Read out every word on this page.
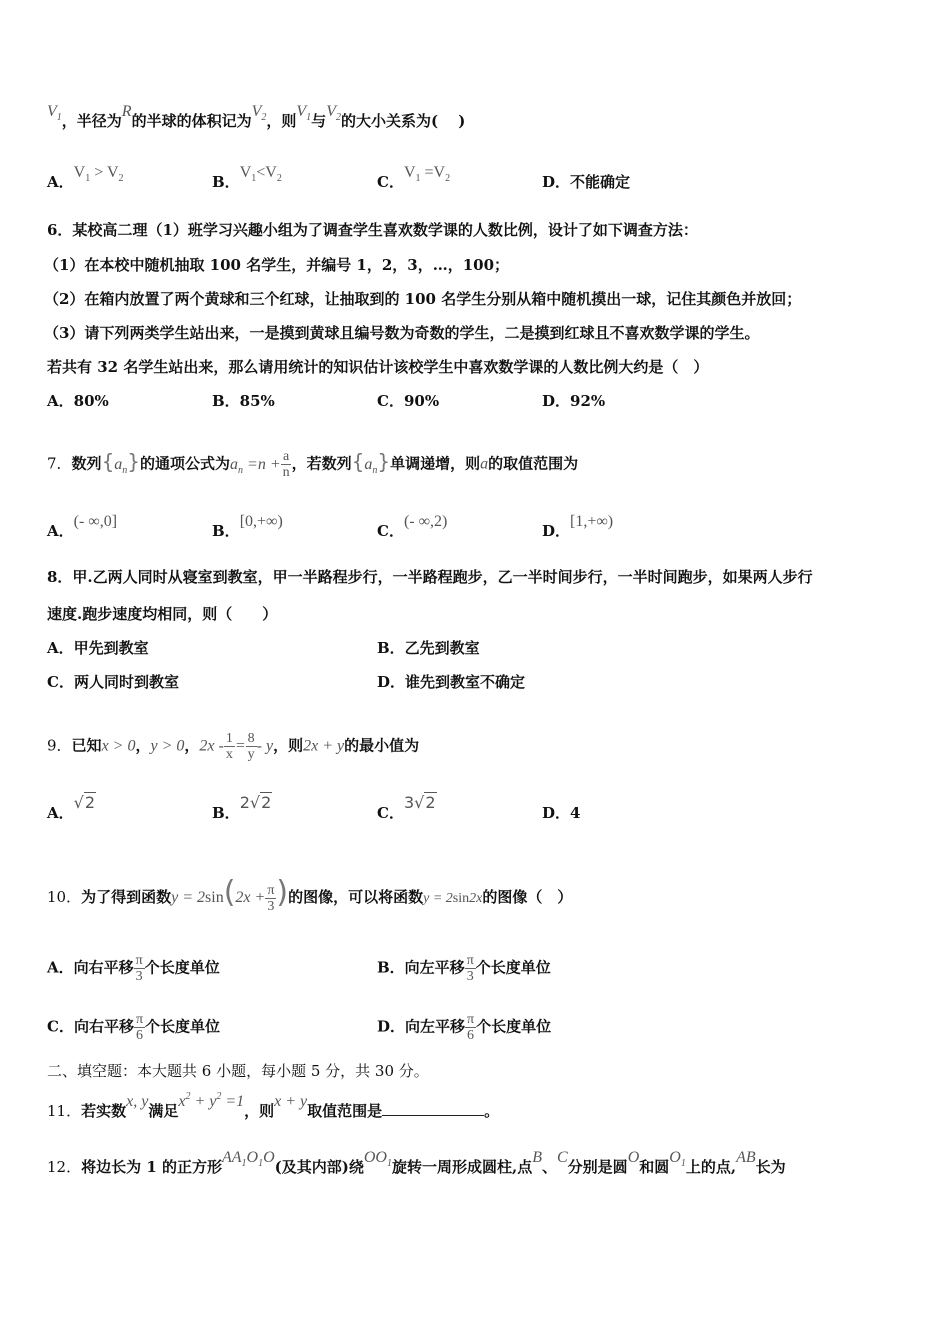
$V_1$，半径为R的半球的体积记为$V_2$，则$V_1$与$V_2$的大小关系为(　 )
A．$V_1 > V_2$	B．$V_1<V_2$	C．$V_1 =V_2$	D．不能确定
6．某校高二理（1）班学习兴趣小组为了调查学生喜欢数学课的人数比例，设计了如下调查方法：
（1）在本校中随机抽取 100 名学生，并编号 1，2，3，…，100；
（2）在箱内放置了两个黄球和三个红球，让抽取到的 100 名学生分别从箱中随机摸出一球，记住其颜色并放回；
（3）请下列两类学生站出来，一是摸到黄球且编号数为奇数的学生，二是摸到红球且不喜欢数学课的学生。
若共有 32 名学生站出来，那么请用统计的知识估计该校学生中喜欢数学课的人数比例大约是（　）
A．80%	B．85%	C．90%	D．92%
7．数列$\{a_n\}$的通项公式为$a_n =n + \frac{a}{n}$ ，若数列$\{a_n\}$单调递增，则a的取值范围为
A．(- ∞,0]
B．[0,+∞)
C．(- ∞,2)
D．[1,+∞)
8．甲.乙两人同时从寝室到教室，甲一半路程步行，一半路程跑步，乙一半时间步行，一半时间跑步，如果两人步行
速度.跑步速度均相同，则（　　）
A．甲先到教室	B．乙先到教室
C．两人同时到教室	D．谁先到教室不确定
9．已知x > 0，y > 0，$2x - \frac{1}{x} = \frac{8}{y} - y$，则2x + y的最小值为
A．√2
B．2√2
C．3√2
D．4
10．为了得到函数$y = 2\sin(2x + \frac{\pi}{3}$ )的图像，可以将函数y = 2sin2x的图像（　）
A．向右平移 $\frac{\pi}{3}$ 个长度单位	B．向左平移 $\frac{\pi}{3}$ 个长度单位
C．向右平移 $\frac{\pi}{6}$ 个长度单位	D．向左平移 $\frac{\pi}{6}$ 个长度单位
二、填空题：本大题共 6 小题，每小题 5 分，共 30 分。
11．若实数x, y满足$x^2 + y^2 =1$，则x + y取值范围是	。
12．将边长为 1 的正方形$AA_1O_1O$(及其内部)绕$OO_1$旋转一周形成圆柱,点B、C分别是圆O和圆$O_1$上的点,AB长为
